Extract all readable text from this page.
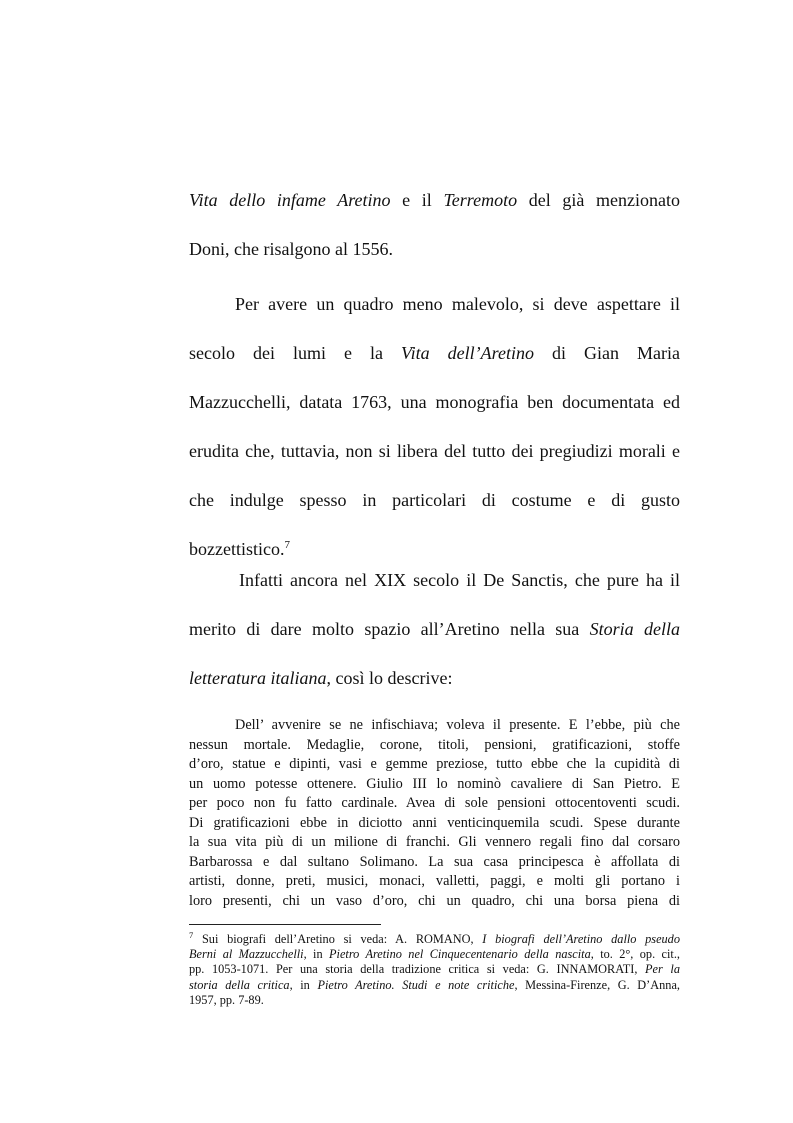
Vita dello infame Aretino e il Terremoto del già menzionato
Doni, che risalgono al 1556.
Per avere un quadro meno malevolo, si deve aspettare il
secolo dei lumi e la Vita dell’Aretino di Gian Maria
Mazzucchelli, datata 1763, una monografia ben documentata ed
erudita che, tuttavia, non si libera del tutto dei pregiudizi morali e
che indulge spesso in particolari di costume e di gusto
bozzettistico.$^7$
Infatti ancora nel XIX secolo il De Sanctis, che pure ha il
merito di dare molto spazio all’Aretino nella sua Storia della
letteratura italiana, così lo descrive:
Dell’ avvenire se ne infischiava; voleva il presente. E l’ebbe, più che
nessun mortale. Medaglie, corone, titoli, pensioni, gratificazioni, stoffe
d’oro, statue e dipinti, vasi e gemme preziose, tutto ebbe che la cupidità di
un uomo potesse ottenere. Giulio III lo nominò cavaliere di San Pietro. E
per poco non fu fatto cardinale. Avea di sole pensioni ottocentoventi scudi.
Di gratificazioni ebbe in diciotto anni venticinquemila scudi. Spese durante
la sua vita più di un milione di franchi. Gli vennero regali fino dal corsaro
Barbarossa e dal sultano Solimano. La sua casa principesca è affollata di
artisti, donne, preti, musici, monaci, valletti, paggi, e molti gli portano i
loro presenti, chi un vaso d’oro, chi un quadro, chi una borsa piena di
$^7$ Sui biografi dell’Aretino si veda: A. ROMANO, I biografi dell’Aretino dallo pseudo
Berni al Mazzucchelli, in Pietro Aretino nel Cinquecentenario della nascita, to. 2°, op. cit.,
pp. 1053-1071. Per una storia della tradizione critica si veda: G. INNAMORATI, Per la
storia della critica, in Pietro Aretino. Studi e note critiche, Messina-Firenze, G. D’Anna,
1957, pp. 7-89.
